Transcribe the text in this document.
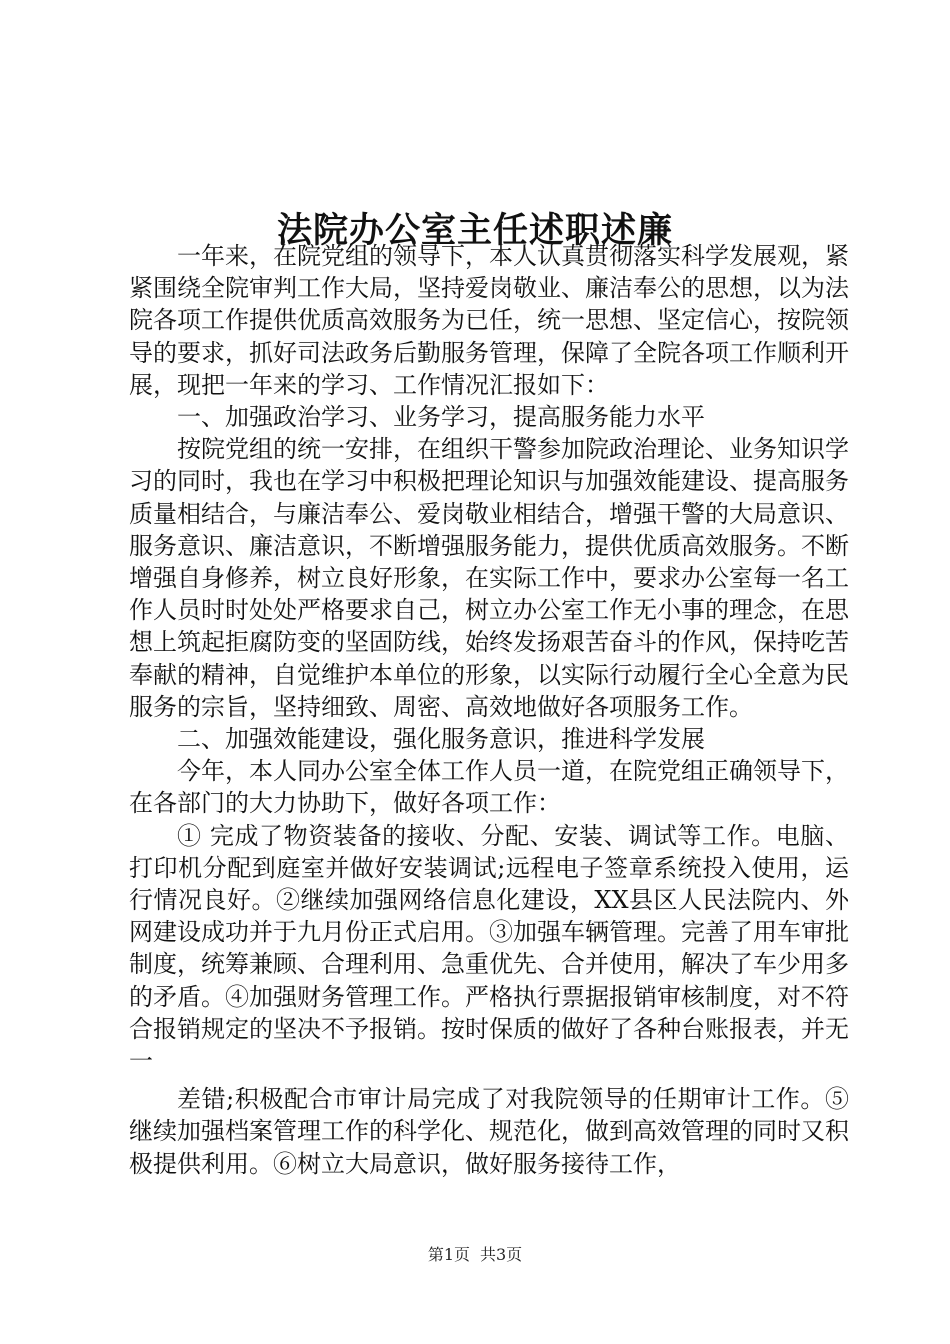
法院办公室主任述职述廉

一年来，在院党组的领导下，本人认真贯彻落实科学发展观，紧紧围绕全院审判工作大局，坚持爱岗敬业、廉洁奉公的思想，以为法院各项工作提供优质高效服务为已任，统一思想、坚定信心，按院领导的要求，抓好司法政务后勤服务管理，保障了全院各项工作顺利开展，现把一年来的学习、工作情况汇报如下：

一、加强政治学习、业务学习，提高服务能力水平

按院党组的统一安排，在组织干警参加院政治理论、业务知识学习的同时，我也在学习中积极把理论知识与加强效能建设、提高服务质量相结合，与廉洁奉公、爱岗敬业相结合，增强干警的大局意识、服务意识、廉洁意识，不断增强服务能力，提供优质高效服务。不断增强自身修养，树立良好形象，在实际工作中，要求办公室每一名工作人员时时处处严格要求自己，树立办公室工作无小事的理念，在思想上筑起拒腐防变的坚固防线，始终发扬艰苦奋斗的作风，保持吃苦奉献的精神，自觉维护本单位的形象，以实际行动履行全心全意为民服务的宗旨，坚持细致、周密、高效地做好各项服务工作。

二、加强效能建设，强化服务意识，推进科学发展

今年，本人同办公室全体工作人员一道，在院党组正确领导下，在各部门的大力协助下，做好各项工作：

① 完成了物资装备的接收、分配、安装、调试等工作。电脑、打印机分配到庭室并做好安装调试;远程电子签章系统投入使用，运行情况良好。②继续加强网络信息化建设，XX县区人民法院内、外网建设成功并于九月份正式启用。③加强车辆管理。完善了用车审批制度，统筹兼顾、合理利用、急重优先、合并使用，解决了车少用多的矛盾。④加强财务管理工作。严格执行票据报销审核制度，对不符合报销规定的坚决不予报销。按时保质的做好了各种台账报表，并无一

差错;积极配合市审计局完成了对我院领导的任期审计工作。⑤继续加强档案管理工作的科学化、规范化，做到高效管理的同时又积极提供利用。⑥树立大局意识，做好服务接待工作，

第1页 共3页
